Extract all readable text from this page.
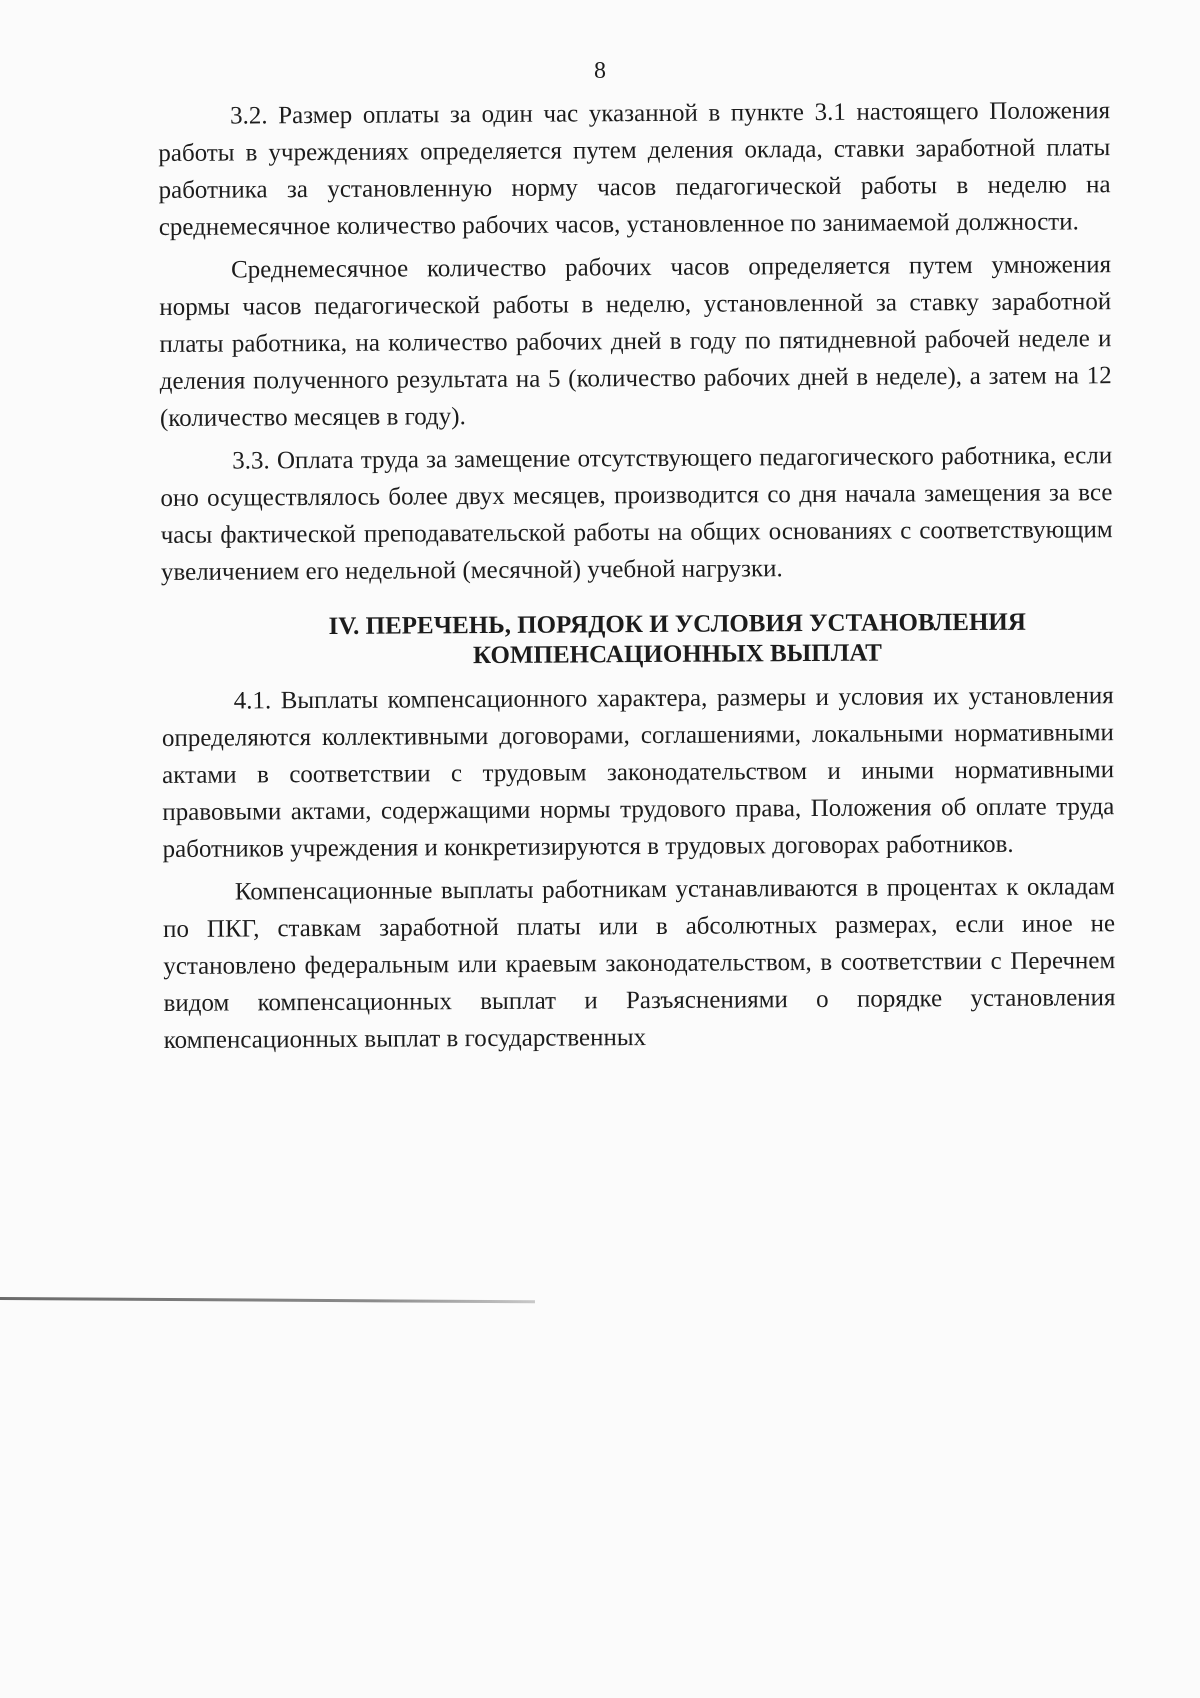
8

3.2. Размер оплаты за один час указанной в пункте 3.1 настоящего Положения работы в учреждениях определяется путем деления оклада, ставки заработной платы работника за установленную норму часов педагогической работы в неделю на среднемесячное количество рабочих часов, установленное по занимаемой должности.

Среднемесячное количество рабочих часов определяется путем умножения нормы часов педагогической работы в неделю, установленной за ставку заработной платы работника, на количество рабочих дней в году по пятидневной рабочей неделе и деления полученного результата на 5 (количество рабочих дней в неделе), а затем на 12 (количество месяцев в году).

3.3. Оплата труда за замещение отсутствующего педагогического работника, если оно осуществлялось более двух месяцев, производится со дня начала замещения за все часы фактической преподавательской работы на общих основаниях с соответствующим увеличением его недельной (месячной) учебной нагрузки.

IV. ПЕРЕЧЕНЬ, ПОРЯДОК И УСЛОВИЯ УСТАНОВЛЕНИЯ
КОМПЕНСАЦИОННЫХ ВЫПЛАТ

4.1. Выплаты компенсационного характера, размеры и условия их установления определяются коллективными договорами, соглашениями, локальными нормативными актами в соответствии с трудовым законодательством и иными нормативными правовыми актами, содержащими нормы трудового права, Положения об оплате труда работников учреждения и конкретизируются в трудовых договорах работников.

Компенсационные выплаты работникам устанавливаются в процентах к окладам по ПКГ, ставкам заработной платы или в абсолютных размерах, если иное не установлено федеральным или краевым законодательством, в соответствии с Перечнем видом компенсационных выплат и Разъяснениями о порядке установления компенсационных выплат в государственных
